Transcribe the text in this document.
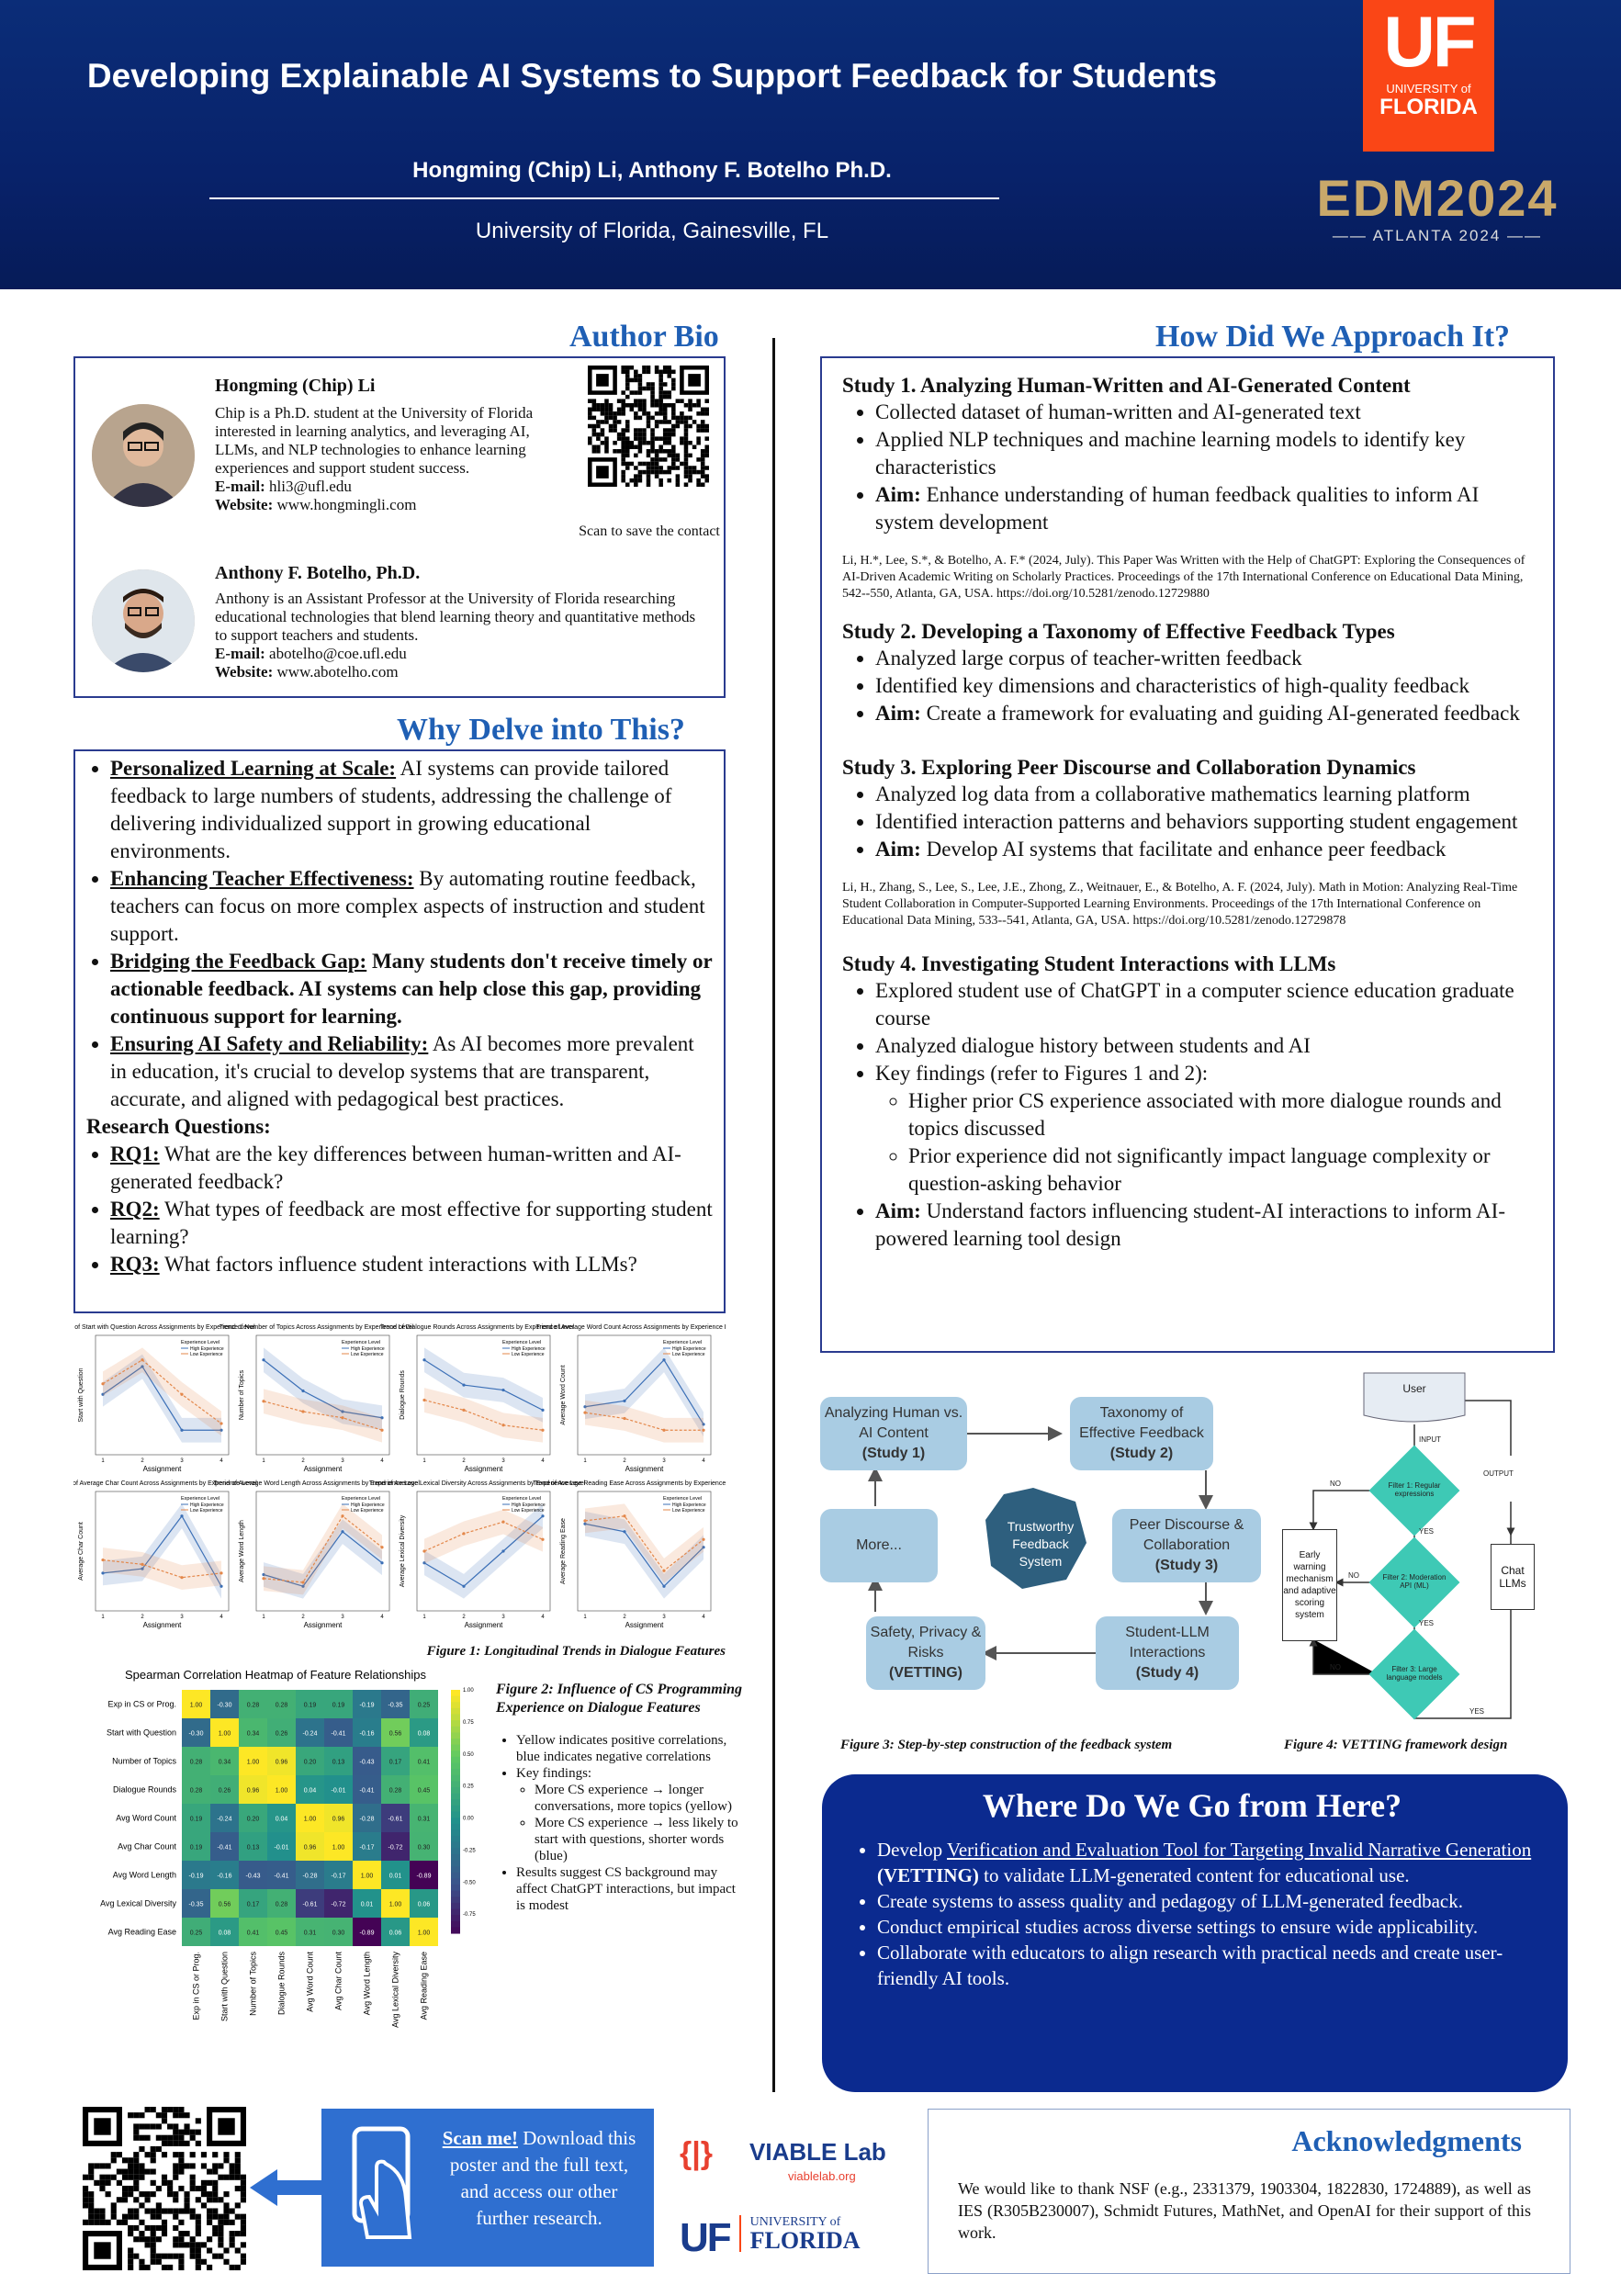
Developing Explainable AI Systems to Support Feedback for Students
Hongming (Chip) Li, Anthony F. Botelho Ph.D.
University of Florida, Gainesville, FL
UF
UNIVERSITY of
FLORIDA
EDM2024
—— ATLANTA 2024 ——
Author Bio
Hongming (Chip) Li
Chip is a Ph.D. student at the University of Florida interested in learning analytics, and leveraging AI, LLMs, and NLP technologies to enhance learning experiences and support student success.
E-mail: hli3@ufl.edu
Website: www.hongmingli.com
Scan to save the contact
Anthony F. Botelho, Ph.D.
Anthony is an Assistant Professor at the University of Florida researching educational technologies that blend learning theory and quantitative methods to support teachers and students.
E-mail: abotelho@coe.ufl.edu
Website: www.abotelho.com
Why Delve into This?
• Personalized Learning at Scale: AI systems can provide tailored feedback to large numbers of students, addressing the challenge of delivering individualized support in growing educational environments.
• Enhancing Teacher Effectiveness: By automating routine feedback, teachers can focus on more complex aspects of instruction and student support.
• Bridging the Feedback Gap: Many students don't receive timely or actionable feedback. AI systems can help close this gap, providing continuous support for learning.
• Ensuring AI Safety and Reliability: As AI becomes more prevalent in education, it's crucial to develop systems that are transparent, accurate, and aligned with pedagogical best practices.
Research Questions:
• RQ1: What are the key differences between human-written and AI-generated feedback?
• RQ2: What types of feedback are most effective for supporting student learning?
• RQ3: What factors influence student interactions with LLMs?
Trend of Start with Question Across Assignments by Experience Level
Start with Question
Assignment
1	2	3	4
Experience Level
High Experience
Low Experience
Trend of Number of Topics Across Assignments by Experience Level
Number of Topics
Assignment
1	2	3	4
Experience Level
High Experience
Low Experience
Trend of Dialogue Rounds Across Assignments by Experience Level
Dialogue Rounds
Assignment
1	2	3	4
Experience Level
High Experience
Low Experience
Trend of Average Word Count Across Assignments by Experience Level
Average Word Count
Assignment
1	2	3	4
Experience Level
High Experience
Low Experience
Trend of Average Char Count Across Assignments by Experience Level
Average Char Count
Assignment
1	2	3	4
Experience Level
High Experience
Low Experience
Trend of Average Word Length Across Assignments by Experience Level
Average Word Length
Assignment
1	2	3	4
Experience Level
High Experience
Low Experience
Trend of Average Lexical Diversity Across Assignments by Experience Level
Average Lexical Diversity
Assignment
1	2	3	4
Experience Level
High Experience
Low Experience
Trend of Average Reading Ease Across Assignments by Experience Level
Average Reading Ease
Assignment
1	2	3	4
Experience Level
High Experience
Low Experience
Figure 1: Longitudinal Trends in Dialogue Features
Spearman Correlation Heatmap of Feature Relationships
1.00 -0.30 0.28 0.28 0.19 0.19 -0.19 -0.35 0.25
Exp in CS or Prog.
Exp in CS or Prog.
-0.30 1.00 0.34 0.26 -0.24 -0.41 -0.16 0.56 0.08
Start with Question
Start with Question
0.28 0.34 1.00 0.96 0.20 0.13 -0.43 0.17 0.41
Number of Topics
Number of Topics
0.28 0.26 0.96 1.00 0.04 -0.01 -0.41 0.28 0.45
Dialogue Rounds
Dialogue Rounds
0.19 -0.24 0.20 0.04 1.00 0.96 -0.28 -0.61 0.31
Avg Word Count
Avg Word Count
0.19 -0.41 0.13 -0.01 0.96 1.00 -0.17 -0.72 0.30
Avg Char Count
Avg Char Count
-0.19 -0.16 -0.43 -0.41 -0.28 -0.17 1.00 0.01 -0.89
Avg Word Length
Avg Word Length
-0.35 0.56 0.17 0.28 -0.61 -0.72 0.01 1.00 0.06
Avg Lexical Diversity
Avg Lexical Diversity
0.25 0.08 0.41 0.45 0.31 0.30 -0.89 0.06 1.00
Avg Reading Ease
Avg Reading Ease
1.00
0.75
0.50
0.25
0.00
-0.25
-0.50
-0.75
Figure 2: Influence of CS Programming Experience on Dialogue Features
• Yellow indicates positive correlations, blue indicates negative correlations
• Key findings:
◦ More CS experience → longer conversations, more topics (yellow)
◦ More CS experience → less likely to start with questions, shorter words (blue)
• Results suggest CS background may affect ChatGPT interactions, but impact is modest
How Did We Approach It?
Study 1. Analyzing Human-Written and AI-Generated Content
• Collected dataset of human-written and AI-generated text
• Applied NLP techniques and machine learning models to identify key characteristics
• Aim: Enhance understanding of human feedback qualities to inform AI system development
Li, H.*, Lee, S.*, & Botelho, A. F.* (2024, July). This Paper Was Written with the Help of ChatGPT: Exploring the Consequences of AI-Driven Academic Writing on Scholarly Practices. Proceedings of the 17th International Conference on Educational Data Mining, 542--550, Atlanta, GA, USA. https://doi.org/10.5281/zenodo.12729880
Study 2. Developing a Taxonomy of Effective Feedback Types
• Analyzed large corpus of teacher-written feedback
• Identified key dimensions and characteristics of high-quality feedback
• Aim: Create a framework for evaluating and guiding AI-generated feedback
Study 3. Exploring Peer Discourse and Collaboration Dynamics
• Analyzed log data from a collaborative mathematics learning platform
• Identified interaction patterns and behaviors supporting student engagement
• Aim: Develop AI systems that facilitate and enhance peer feedback
Li, H., Zhang, S., Lee, S., Lee, J.E., Zhong, Z., Weitnauer, E., & Botelho, A. F. (2024, July). Math in Motion: Analyzing Real-Time Student Collaboration in Computer-Supported Learning Environments. Proceedings of the 17th International Conference on Educational Data Mining, 533--541, Atlanta, GA, USA. https://doi.org/10.5281/zenodo.12729878
Study 4. Investigating Student Interactions with LLMs
• Explored student use of ChatGPT in a computer science education graduate course
• Analyzed dialogue history between students and AI
• Key findings (refer to Figures 1 and 2):
◦ Higher prior CS experience associated with more dialogue rounds and topics discussed
◦ Prior experience did not significantly impact language complexity or question-asking behavior
• Aim: Understand factors influencing student-AI interactions to inform AI-powered learning tool design
Analyzing Human vs. AI Content
(Study 1)
Taxonomy of Effective Feedback
(Study 2)
Peer Discourse & Collaboration
(Study 3)
Student-LLM Interactions
(Study 4)
Safety, Privacy & Risks
(VETTING)
More...
Trustworthy Feedback System
Figure 3: Step-by-step construction of the feedback system
User
INPUT
OUTPUT
Filter 1: Regular expressions
Filter 2: Moderation API (ML)
Filter 3: Large language models
YES
YES
YES
NO
NO
NO
Early warning mechanism and adaptive scoring system
Chat LLMs
Figure 4: VETTING framework design
Where Do We Go from Here?
• Develop Verification and Evaluation Tool for Targeting Invalid Narrative Generation (VETTING) to validate LLM-generated content for educational use.
• Create systems to assess quality and pedagogy of LLM-generated feedback.
• Conduct empirical studies across diverse settings to ensure wide applicability.
• Collaborate with educators to align research with practical needs and create user-friendly AI tools.
Scan me! Download this poster and the full text, and access our other further research.
{|} VIABLE Lab
viablelab.org
UF UNIVERSITY of
FLORIDA
Acknowledgments
We would like to thank NSF (e.g., 2331379, 1903304, 1822830, 1724889), as well as IES (R305B230007), Schmidt Futures, MathNet, and OpenAI for their support of this work.
